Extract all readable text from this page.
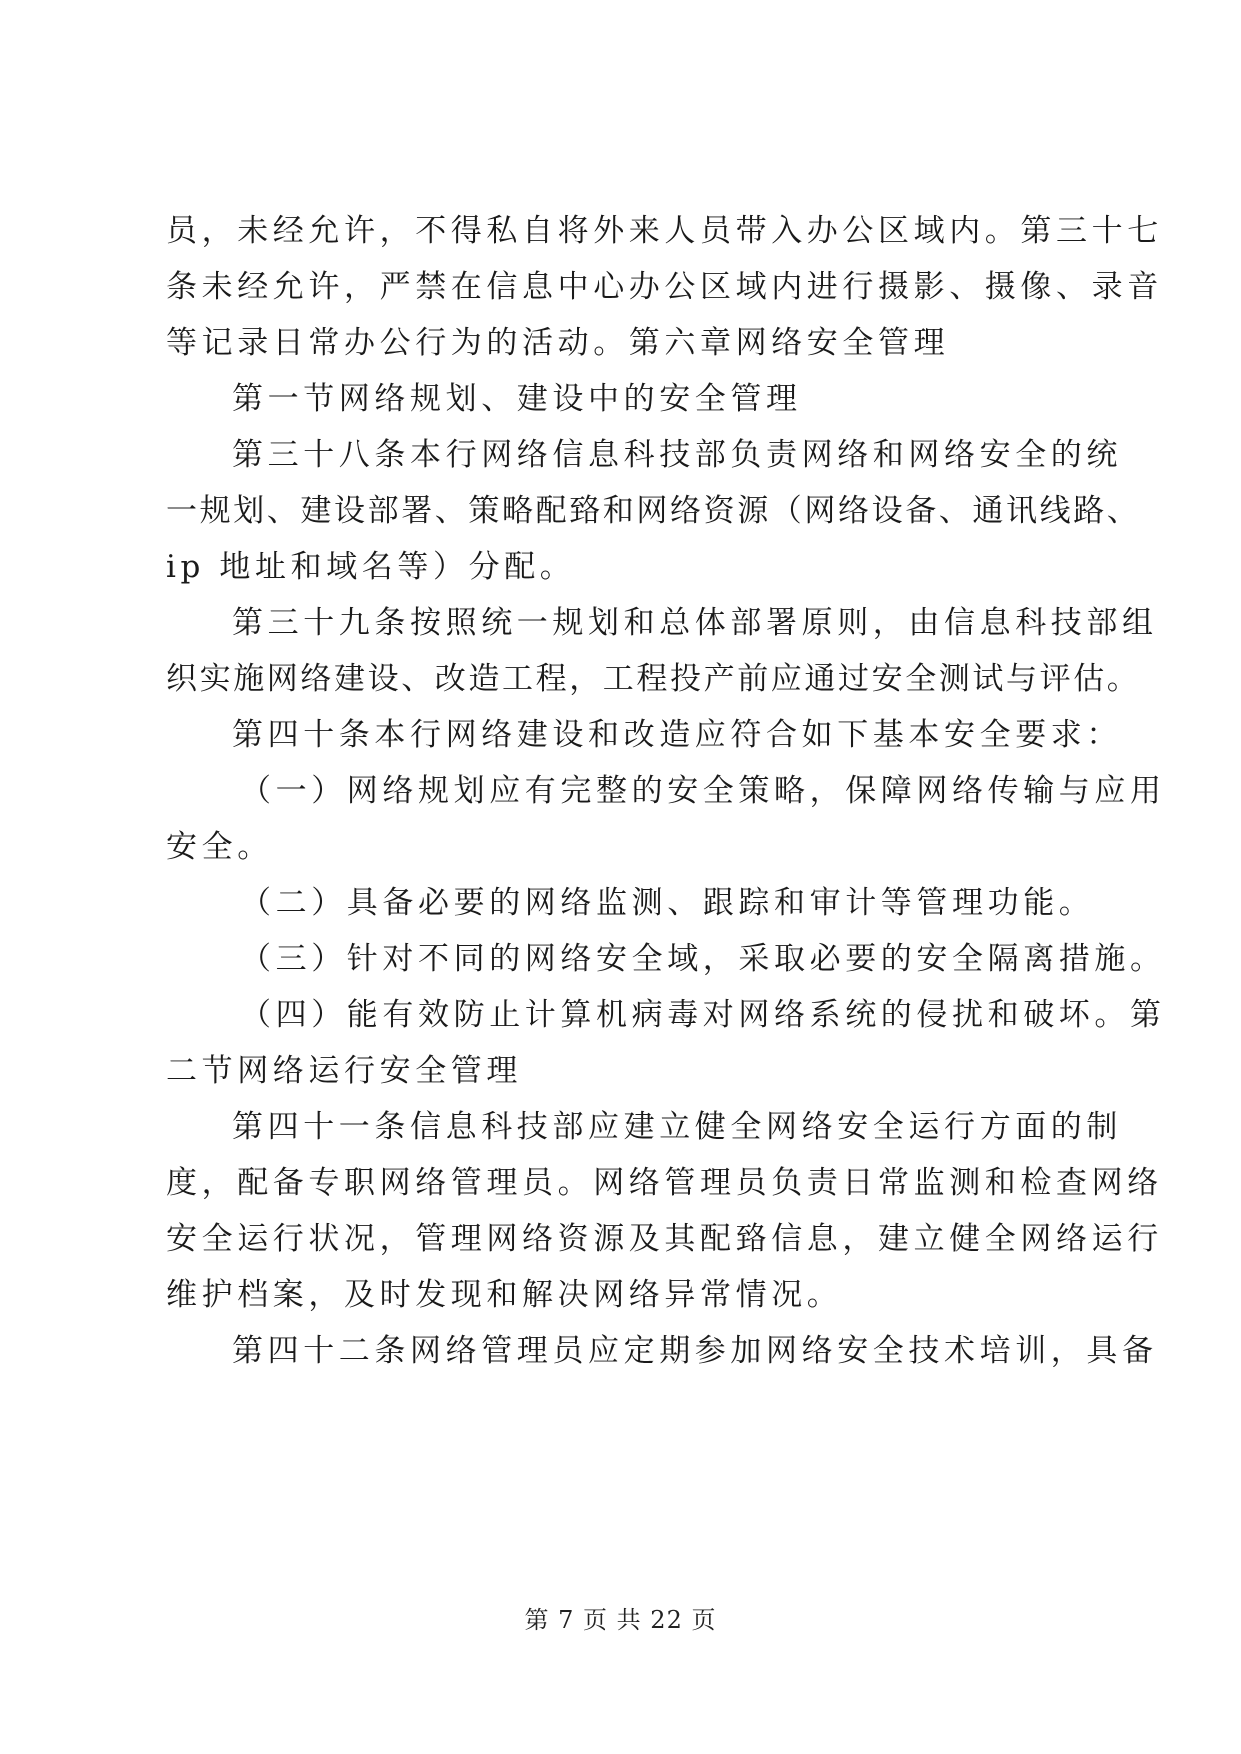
员，未经允许，不得私自将外来人员带入办公区域内。第三十七
条未经允许，严禁在信息中心办公区域内进行摄影、摄像、录音
等记录日常办公行为的活动。第六章网络安全管理
第一节网络规划、建设中的安全管理
第三十八条本行网络信息科技部负责网络和网络安全的统
一规划、建设部署、策略配臵和网络资源（网络设备、通讯线路、
ip 地址和域名等）分配。
第三十九条按照统一规划和总体部署原则，由信息科技部组
织实施网络建设、改造工程，工程投产前应通过安全测试与评估。
第四十条本行网络建设和改造应符合如下基本安全要求：
（一）网络规划应有完整的安全策略，保障网络传输与应用
安全。
（二）具备必要的网络监测、跟踪和审计等管理功能。
（三）针对不同的网络安全域，采取必要的安全隔离措施。
（四）能有效防止计算机病毒对网络系统的侵扰和破坏。第
二节网络运行安全管理
第四十一条信息科技部应建立健全网络安全运行方面的制
度，配备专职网络管理员。网络管理员负责日常监测和检查网络
安全运行状况，管理网络资源及其配臵信息，建立健全网络运行
维护档案，及时发现和解决网络异常情况。
第四十二条网络管理员应定期参加网络安全技术培训，具备
第 7 页 共 22 页
